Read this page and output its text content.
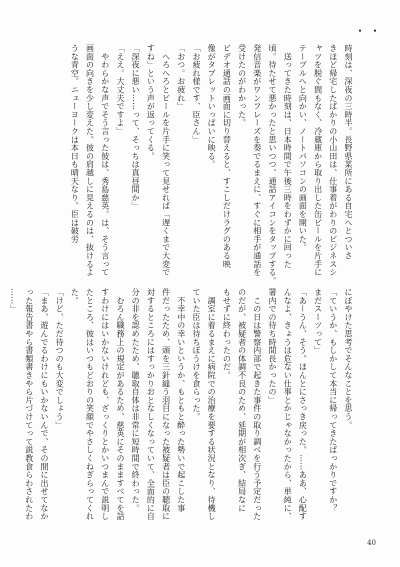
・・
時刻は、深夜の三時半。長野県某所にある自宅へとついさ
きほど帰宅したばかりの小山田は、仕事着がわりのビジネスシ
ャツを脱ぐ間もなく、冷蔵庫から取り出した缶ビールを片手に
テーブルへと向かい、ノートパソコンの画面を開いた。
　送ってきた時刻は、日本時間で午後三時をわずかに回った
頃。待たせて悪かったと思いつつ、通話アイコンをタップする。
発信音楽がワンフレーズを奏でるまえに、すぐに相手が通話を
受けたのがわかった。
ビデオ通話の画面に切り替えると、すこしだけラグのある映
像がタブレットいっぱいに映る。
「お疲れ様です、臣さん」
「おつ。お疲れ」
　へろへろとビールを片手に笑って見せれば「遅くまで大変で
すね」という声が返ってくる。
「深夜に悪い……って、そっちは真昼間か」
「ええ。大丈夫ですよ」
　やわらかな声でそう言った彼は、秀島慈英。は、そう言って
画面の向きを少し変えた。彼の肩越しに見えるのは、抜けるよ
うな青空。ニューヨークは本日も晴天なり。臣は破労
にぼやけた思考でそんなことを思う。
「ていうか、もしかして本当に帰ってきたばっかりですか？
まだスーツって」
「あーうん、そう。ほんとにさっき戻った。……ああ、心配す
んなよ、きょうは危ない仕事とかじゃなかったから、単純に、
署内での待ち時間長かったの」
　この日は警察内部で起きた事件の取り調べを行う予定だった
のだが、被疑者の体調不良のため、延期が相次ぎ、結局なに
もせずに終わったのだ。
　調室に着るまえに病院での治療を要する状況となり、待機し
ていた臣は待ちぼうけを食らった。
　不幸中の幸いというか、もともと酔った勢いで起こした事
件だったため、頭を三針縫う羽目になった被疑者は臣の聴取に
対するところにはすっかりおとなしくなっていて、全面的に自
分の非を認めたため、聴取自体は非常に短時間で終わった。
　むろん職務上の規定があるため、慈英にそのまますべてを話
すわけにはいかないけれども、ざっくりとかいつまんで説明し
たところ、彼はいつもどおりの笑顔でやさしくねぎらってくれ
た。
「けど、ただ待つのも大変でしょう」
「まあ、遊んでるわけにもいかないんで、その間に出せてなか
った報告書やら書類書きやら片づけてって説教食らわされたわ
……」
40
